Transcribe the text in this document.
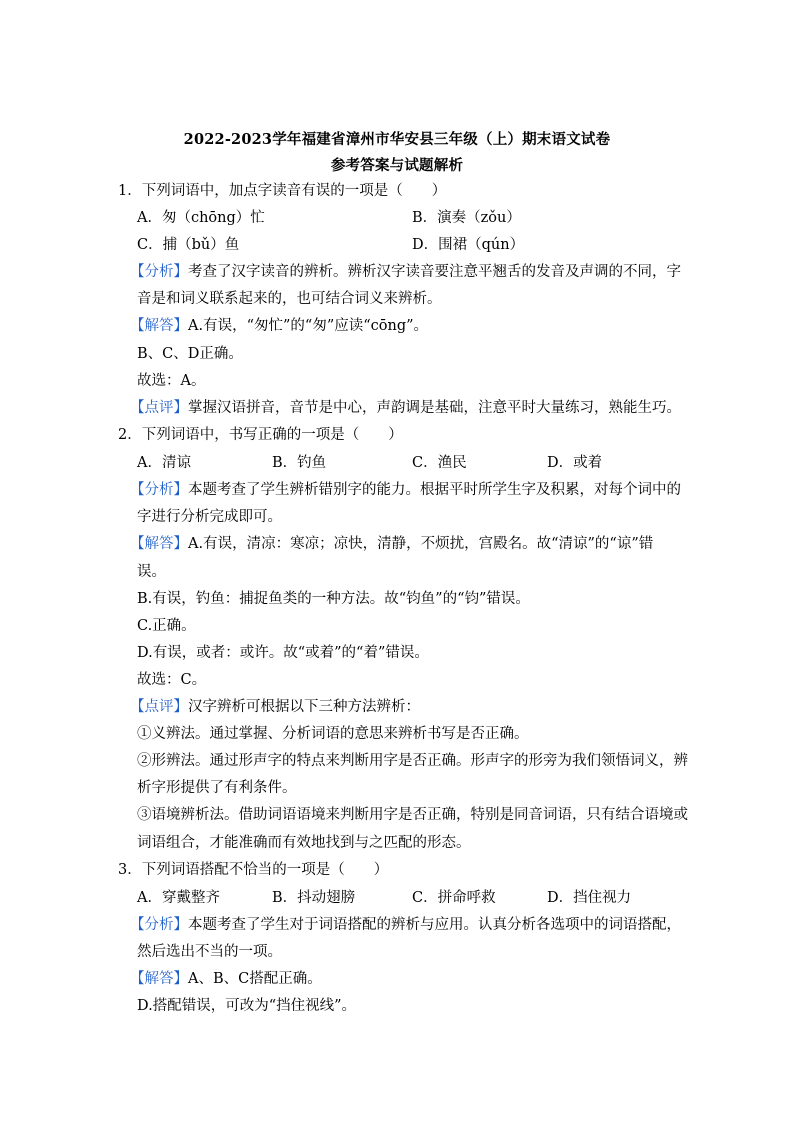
2022-2023学年福建省漳州市华安县三年级（上）期末语文试卷
参考答案与试题解析
1．下列词语中，加点字读音有误的一项是（　　）
A．匆（chōng）忙	B．演奏（zǒu）
C．捕（bǔ）鱼	D．围裙（qún）
【分析】考查了汉字读音的辨析。辨析汉字读音要注意平翘舌的发音及声调的不同，字
音是和词义联系起来的，也可结合词义来辨析。
【解答】A.有误，“匆忙”的“匆”应读“cōng”。
B、C、D正确。
故选：A。
【点评】掌握汉语拼音，音节是中心，声韵调是基础，注意平时大量练习，熟能生巧。
2．下列词语中，书写正确的一项是（　　）
A．清谅	B．钓鱼	C．渔民	D．或着
【分析】本题考查了学生辨析错别字的能力。根据平时所学生字及积累，对每个词中的
字进行分析完成即可。
【解答】A.有误，清凉：寒凉；凉快，清静，不烦扰，宫殿名。故“清谅”的“谅”错
误。
B.有误，钓鱼：捕捉鱼类的一种方法。故“钧鱼”的“钧”错误。
C.正确。
D.有误，或者：或许。故“或着”的“着”错误。
故选：C。
【点评】汉字辨析可根据以下三种方法辨析：
①义辨法。通过掌握、分析词语的意思来辨析书写是否正确。
②形辨法。通过形声字的特点来判断用字是否正确。形声字的形旁为我们领悟词义，辨
析字形提供了有利条件。
③语境辨析法。借助词语语境来判断用字是否正确，特别是同音词语，只有结合语境或
词语组合，才能准确而有效地找到与之匹配的形态。
3．下列词语搭配不恰当的一项是（　　）
A．穿戴整齐	B．抖动翅膀	C．拼命呼救	D．挡住视力
【分析】本题考查了学生对于词语搭配的辨析与应用。认真分析各选项中的词语搭配，
然后选出不当的一项。
【解答】A、B、C搭配正确。
D.搭配错误，可改为“挡住视线”。
